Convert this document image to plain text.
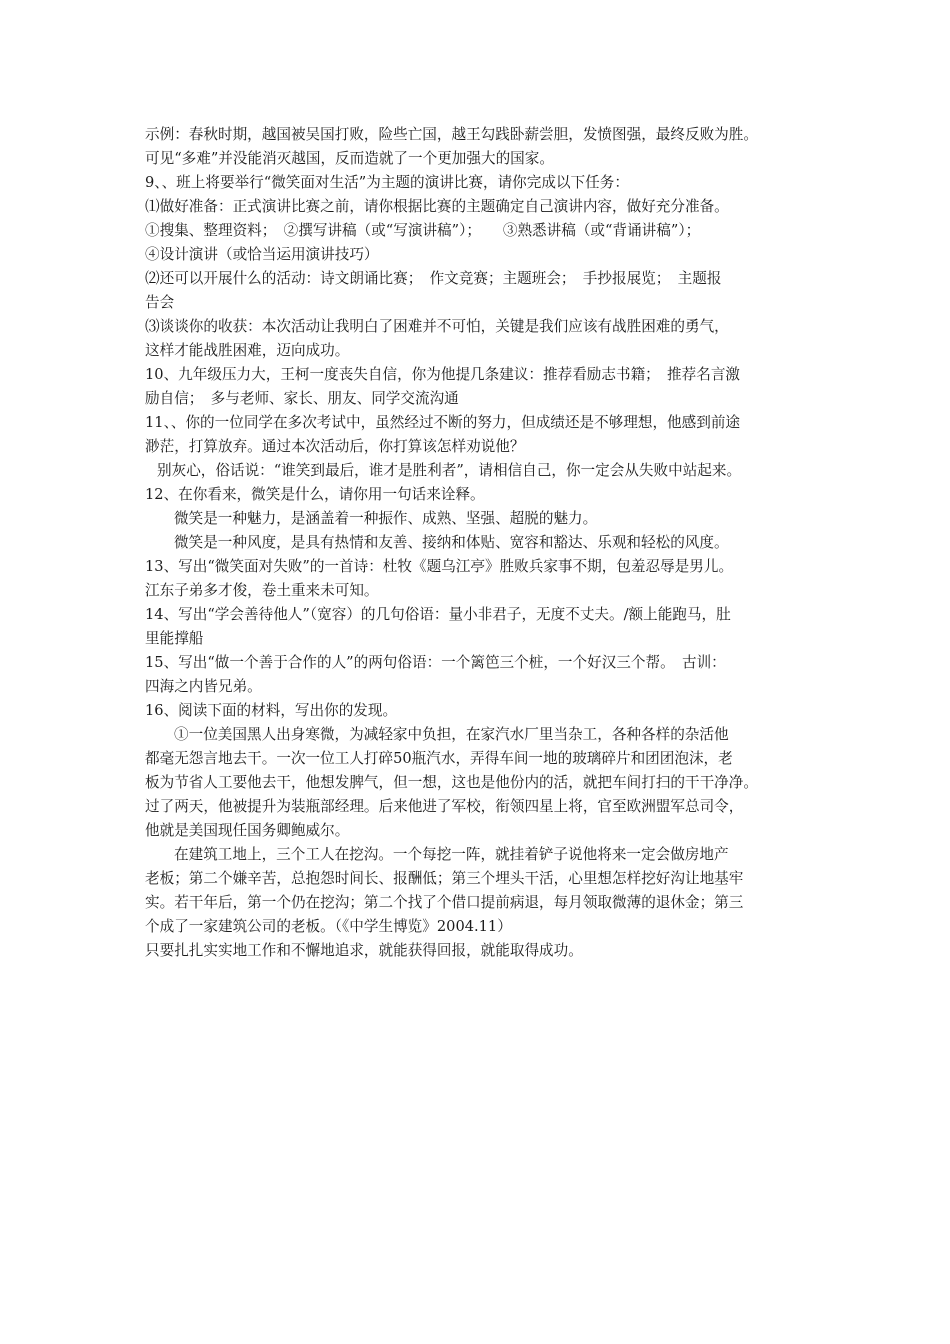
示例：春秋时期，越国被吴国打败，险些亡国，越王勾践卧薪尝胆，发愤图强，最终反败为胜。
可见“多难”并没能消灭越国，反而造就了一个更加强大的国家。
9、、班上将要举行“微笑面对生活”为主题的演讲比赛，请你完成以下任务：
⑴做好准备：正式演讲比赛之前，请你根据比赛的主题确定自己演讲内容，做好充分准备。
①搜集、整理资料；　②撰写讲稿（或“写演讲稿”）；　　③熟悉讲稿（或“背诵讲稿”）；
④设计演讲（或恰当运用演讲技巧）
⑵还可以开展什么的活动：诗文朗诵比赛；　作文竞赛；主题班会；　手抄报展览；　主题报
告会
⑶谈谈你的收获：本次活动让我明白了困难并不可怕，关键是我们应该有战胜困难的勇气，
这样才能战胜困难，迈向成功。
10、九年级压力大，王柯一度丧失自信，你为他提几条建议：推荐看励志书籍；　推荐名言激
励自信；　多与老师、家长、朋友、同学交流沟通
11、、你的一位同学在多次考试中，虽然经过不断的努力，但成绩还是不够理想，他感到前途
渺茫，打算放弃。通过本次活动后，你打算该怎样劝说他？
别灰心，俗话说：“谁笑到最后，谁才是胜利者”，请相信自己，你一定会从失败中站起来。
12、在你看来，微笑是什么，请你用一句话来诠释。
微笑是一种魅力，是涵盖着一种振作、成熟、坚强、超脱的魅力。
微笑是一种风度，是具有热情和友善、接纳和体贴、宽容和豁达、乐观和轻松的风度。
13、写出“微笑面对失败”的一首诗：杜牧《题乌江亭》胜败兵家事不期，包羞忍辱是男儿。
江东子弟多才俊，卷土重来未可知。
14、写出“学会善待他人”（宽容）的几句俗语：量小非君子，无度不丈夫。/额上能跑马，肚
里能撑船
15、写出“做一个善于合作的人”的两句俗语：一个篱笆三个桩，一个好汉三个帮。　古训：
四海之内皆兄弟。
16、阅读下面的材料，写出你的发现。
①一位美国黑人出身寒微，为减轻家中负担，在家汽水厂里当杂工，各种各样的杂活他
都毫无怨言地去干。一次一位工人打碎50瓶汽水，弄得车间一地的玻璃碎片和团团泡沫，老
板为节省人工要他去干，他想发脾气，但一想，这也是他份内的活，就把车间打扫的干干净净。
过了两天，他被提升为装瓶部经理。后来他进了军校，衔领四星上将，官至欧洲盟军总司令，
他就是美国现任国务卿鲍威尔。
在建筑工地上，三个工人在挖沟。一个每挖一阵，就挂着铲子说他将来一定会做房地产
老板；第二个嫌辛苦，总抱怨时间长、报酬低；第三个埋头干活，心里想怎样挖好沟让地基牢
实。若干年后，第一个仍在挖沟；第二个找了个借口提前病退，每月领取微薄的退休金；第三
个成了一家建筑公司的老板。（《中学生博览》2004.11）
只要扎扎实实地工作和不懈地追求，就能获得回报，就能取得成功。
